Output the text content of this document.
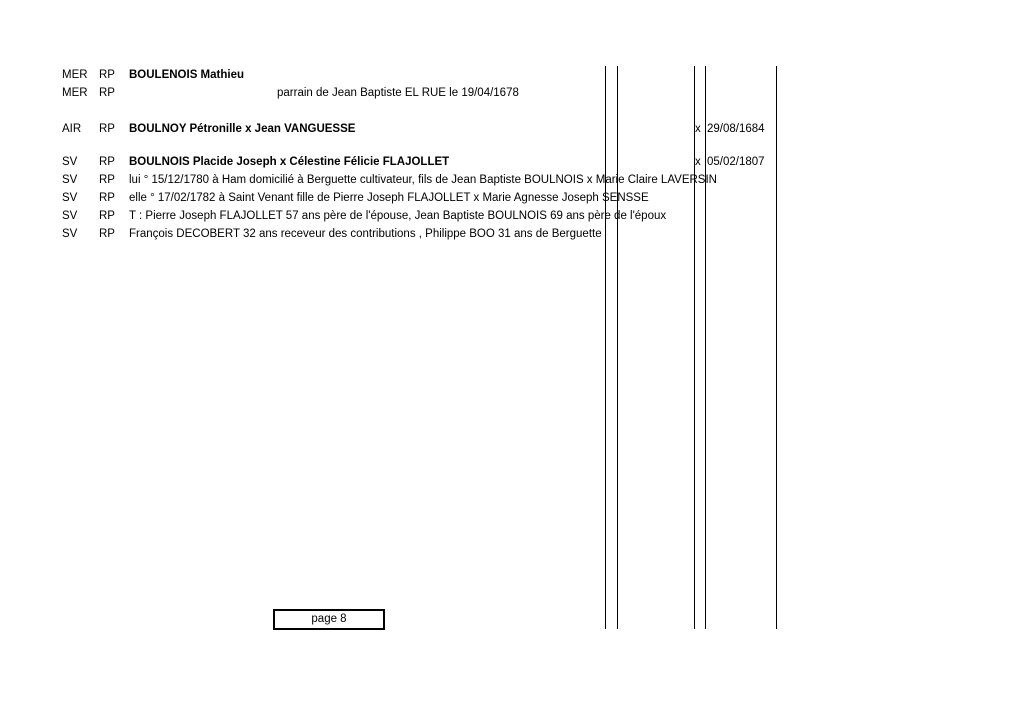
MER RP BOULENOIS Mathieu
MER RP	parrain de Jean Baptiste EL RUE le 19/04/1678
AIR RP BOULNOY Pétronille x Jean VANGUESSE	x 29/08/1684
SV RP BOULNOIS Placide Joseph x Célestine Félicie FLAJOLLET	x 05/02/1807
SV RP lui ° 15/12/1780 à Ham domicilié à Berguette cultivateur, fils de Jean Baptiste BOULNOIS x Marie Claire LAVERSIN
SV RP elle ° 17/02/1782 à Saint Venant fille de Pierre Joseph FLAJOLLET x Marie Agnesse Joseph SENSSE
SV RP T : Pierre Joseph FLAJOLLET 57 ans père de l'épouse, Jean Baptiste BOULNOIS 69 ans père de l'époux
SV RP François DECOBERT 32 ans receveur des contributions , Philippe BOO 31 ans de Berguette
page 8
